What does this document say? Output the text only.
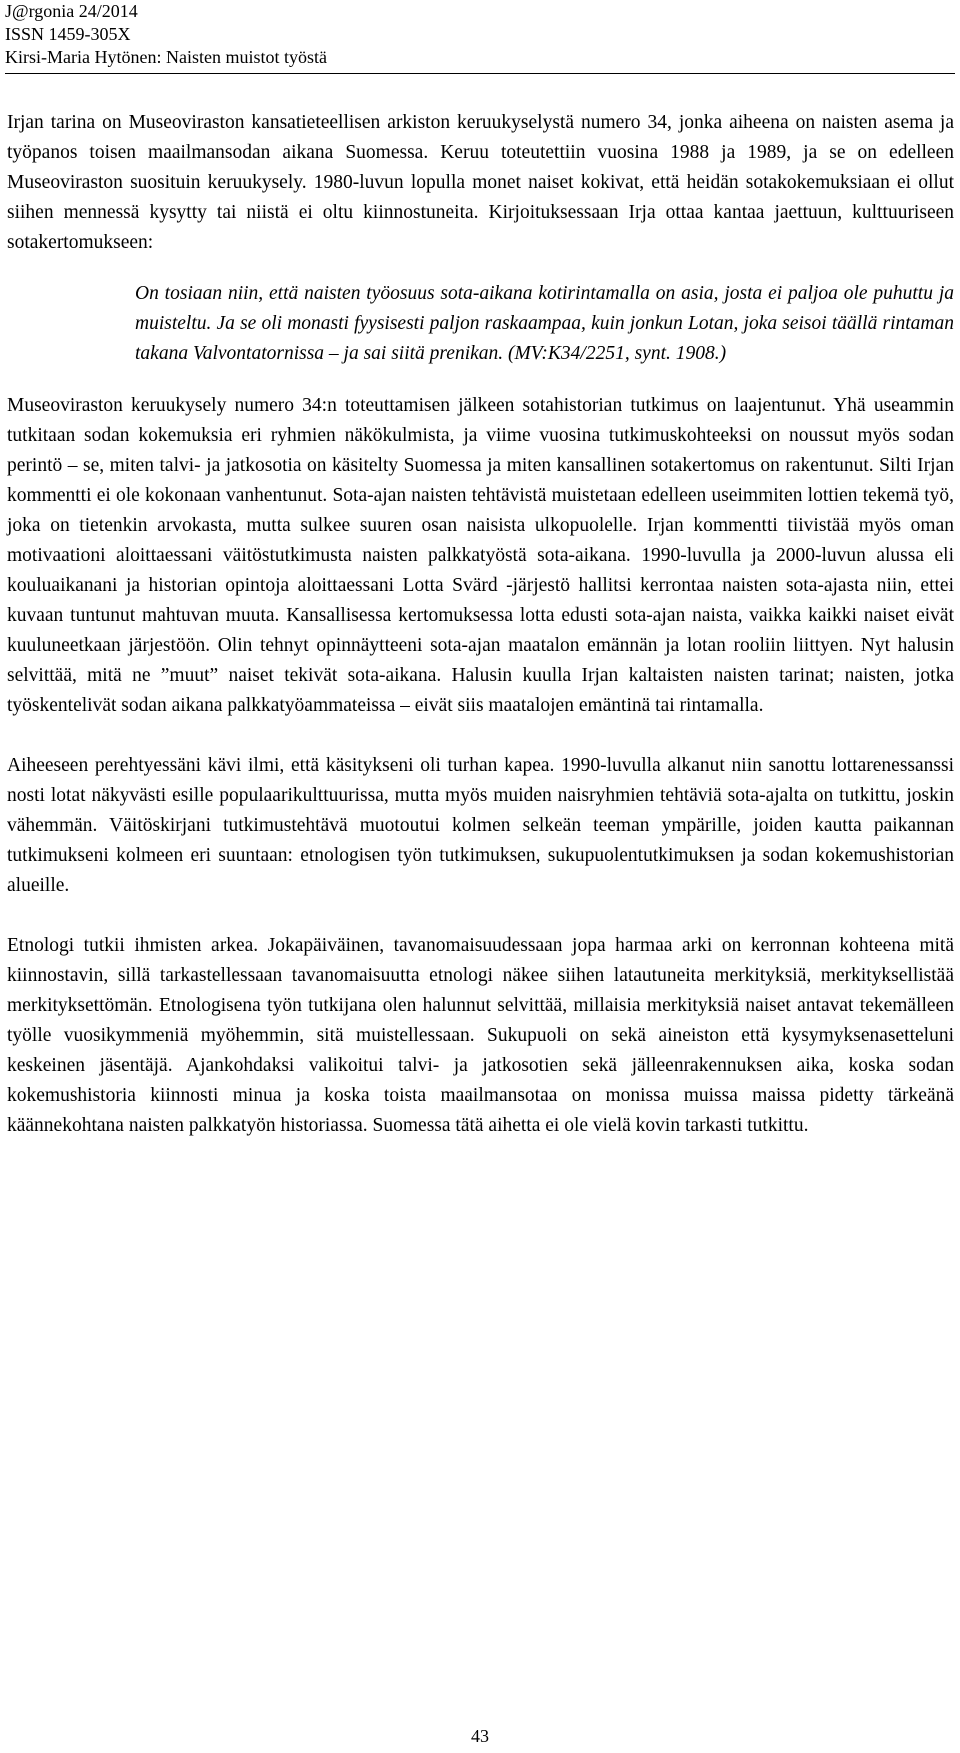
J@rgonia 24/2014
ISSN 1459-305X
Kirsi-Maria Hytönen: Naisten muistot työstä

Irjan tarina on Museoviraston kansatieteellisen arkiston keruukyselystä numero 34, jonka aiheena on naisten asema ja työpanos toisen maailmansodan aikana Suomessa. Keruu toteutettiin vuosina 1988 ja 1989, ja se on edelleen Museoviraston suosituin keruukysely. 1980-luvun lopulla monet naiset kokivat, että heidän sotakokemuksiaan ei ollut siihen mennessä kysytty tai niistä ei oltu kiinnostuneita. Kirjoituksessaan Irja ottaa kantaa jaettuun, kulttuuriseen sotakertomukseen:

On tosiaan niin, että naisten työosuus sota-aikana kotirintamalla on asia, josta ei paljoa ole puhuttu ja muisteltu. Ja se oli monasti fyysisesti paljon raskaampaa, kuin jonkun Lotan, joka seisoi täällä rintaman takana Valvontatornissa – ja sai siitä prenikan. (MV:K34/2251, synt. 1908.)

Museoviraston keruukysely numero 34:n toteuttamisen jälkeen sotahistorian tutkimus on laajentunut. Yhä useammin tutkitaan sodan kokemuksia eri ryhmien näkökulmista, ja viime vuosina tutkimuskohteeksi on noussut myös sodan perintö – se, miten talvi- ja jatkosotia on käsitelty Suomessa ja miten kansallinen sotakertomus on rakentunut. Silti Irjan kommentti ei ole kokonaan vanhentunut. Sota-ajan naisten tehtävistä muistetaan edelleen useimmiten lottien tekemä työ, joka on tietenkin arvokasta, mutta sulkee suuren osan naisista ulkopuolelle. Irjan kommentti tiivistää myös oman motivaationi aloittaessani väitöstutkimusta naisten palkkatyöstä sota-aikana. 1990-luvulla ja 2000-luvun alussa eli kouluaikanani ja historian opintoja aloittaessani Lotta Svärd -järjestö hallitsi kerrontaa naisten sota-ajasta niin, ettei kuvaan tuntunut mahtuvan muuta. Kansallisessa kertomuksessa lotta edusti sota-ajan naista, vaikka kaikki naiset eivät kuuluneetkaan järjestöön. Olin tehnyt opinnäytteeni sota-ajan maatalon emännän ja lotan rooliin liittyen. Nyt halusin selvittää, mitä ne ”muut” naiset tekivät sota-aikana. Halusin kuulla Irjan kaltaisten naisten tarinat; naisten, jotka työskentelivät sodan aikana palkkatyöammateissa – eivät siis maatalojen emäntinä tai rintamalla.

Aiheeseen perehtyessäni kävi ilmi, että käsitykseni oli turhan kapea. 1990-luvulla alkanut niin sanottu lottarenessanssi nosti lotat näkyvästi esille populaarikulttuurissa, mutta myös muiden naisryhmien tehtäviä sota-ajalta on tutkittu, joskin vähemmän. Väitöskirjani tutkimustehtävä muotoutui kolmen selkeän teeman ympärille, joiden kautta paikannan tutkimukseni kolmeen eri suuntaan: etnologisen työn tutkimuksen, sukupuolentutkimuksen ja sodan kokemushistorian alueille.

Etnologi tutkii ihmisten arkea. Jokapäiväinen, tavanomaisuudessaan jopa harmaa arki on kerronnan kohteena mitä kiinnostavin, sillä tarkastellessaan tavanomaisuutta etnologi näkee siihen latautuneita merkityksiä, merkityksellistää merkityksettömän. Etnologisena työn tutkijana olen halunnut selvittää, millaisia merkityksiä naiset antavat tekemälleen työlle vuosikymmeniä myöhemmin, sitä muistellessaan. Sukupuoli on sekä aineiston että kysymyksenasetteluni keskeinen jäsentäjä. Ajankohdaksi valikoitui talvi- ja jatkosotien sekä jälleenrakennuksen aika, koska sodan kokemushistoria kiinnosti minua ja koska toista maailmansotaa on monissa muissa maissa pidetty tärkeänä käännekohtana naisten palkkatyön historiassa. Suomessa tätä aihetta ei ole vielä kovin tarkasti tutkittu.

43
